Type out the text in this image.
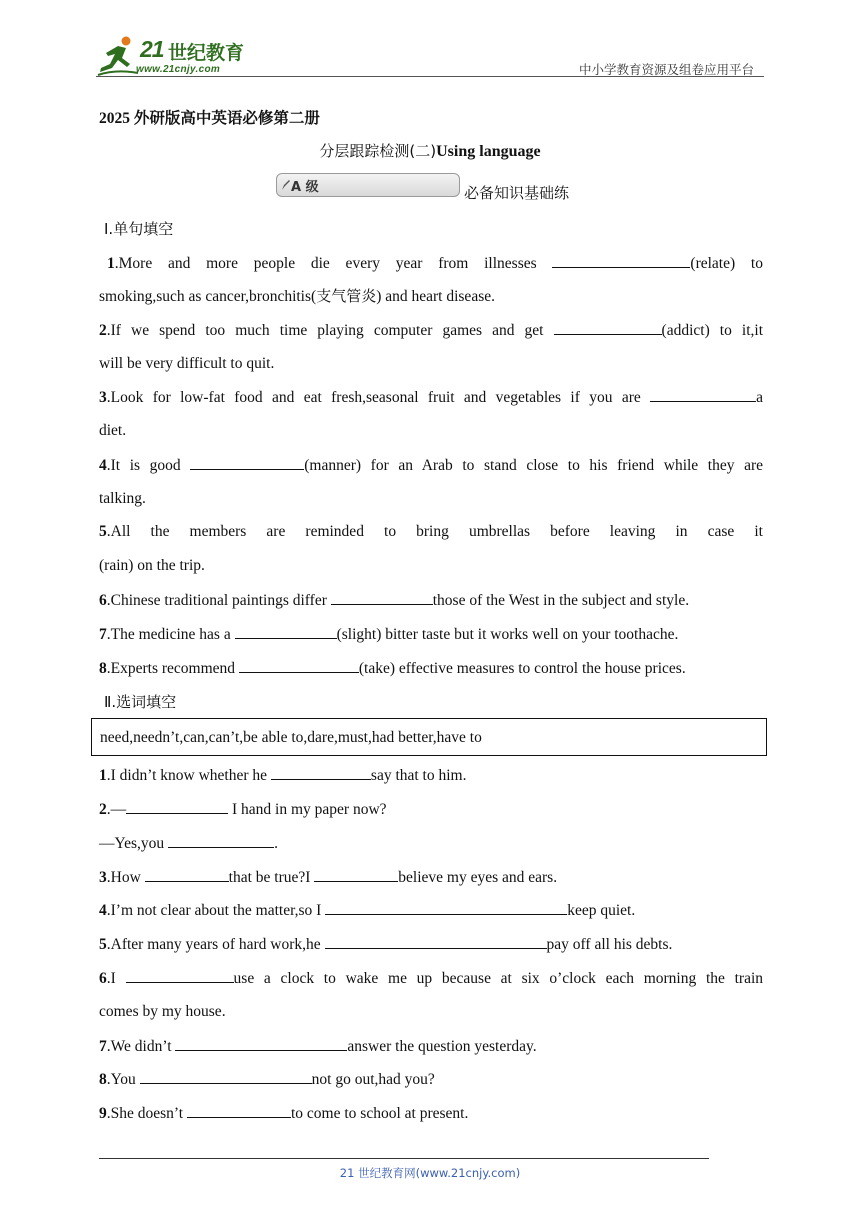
21 世纪教育
www.21cnjy.com	中小学教育资源及组卷应用平台
2025 外研版高中英语必修第二册
分层跟踪检测(二)Using language
A 级	必备知识基础练
Ⅰ.单句填空
1.More and more people die every year from illnesses	(relate) to
smoking,such as cancer,bronchitis(支气管炎) and heart disease.
2.If we spend too much time playing computer games and get	(addict) to it,it
will be very difficult to quit.
3.Look for low-fat food and eat fresh,seasonal fruit and vegetables if you are	a
diet.
4.It is good	(manner) for an Arab to stand close to his friend while they are
talking.
5.All the members are reminded to bring umbrellas before leaving in case it
(rain) on the trip.
6.Chinese traditional paintings differ	those of the West in the subject and style.
7.The medicine has a	(slight) bitter taste but it works well on your toothache.
8.Experts recommend	(take) effective measures to control the house prices.
Ⅱ.选词填空
need,needn’t,can,can’t,be able to,dare,must,had better,have to
1.I didn’t know whether he	say that to him.
2.—	I hand in my paper now?
—Yes,you	.
3.How	that be true?I	believe my eyes and ears.
4.I’m not clear about the matter,so I	keep quiet.
5.After many years of hard work,he	pay off all his debts.
6.I	use a clock to wake me up because at six o’clock each morning the train
comes by my house.
7.We didn’t	answer the question yesterday.
8.You	not go out,had you?
9.She doesn’t	to come to school at present.
21 世纪教育网(www.21cnjy.com)
